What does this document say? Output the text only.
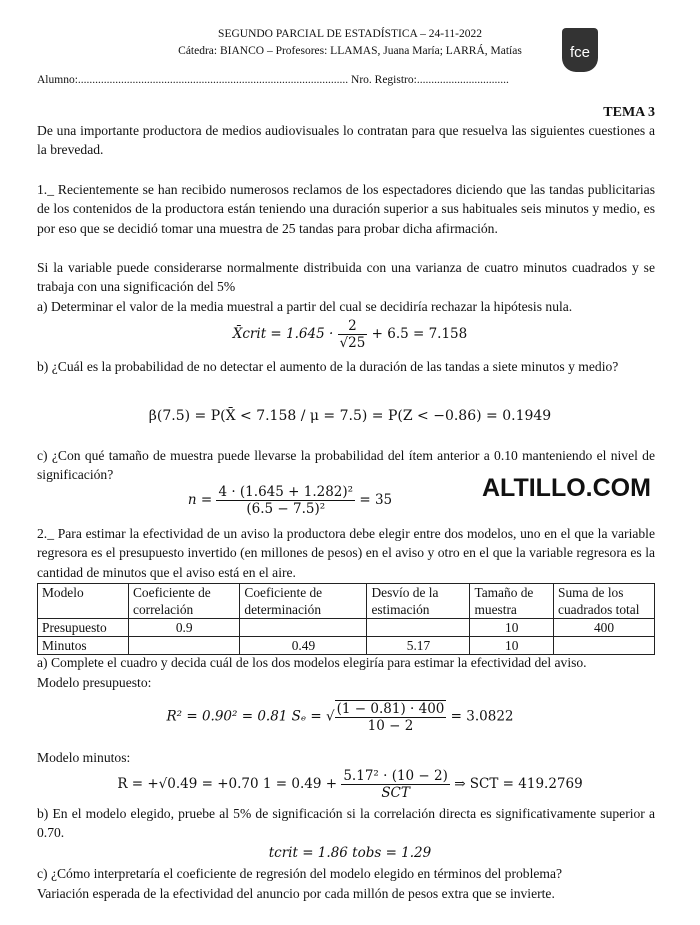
SEGUNDO PARCIAL DE ESTADÍSTICA – 24-11-2022
Cátedra: BIANCO – Profesores: LLAMAS, Juana María; LARRÁ, Matías	fce
Alumno:.............................................................................................. Nro. Registro:................................
TEMA 3
De una importante productora de medios audiovisuales lo contratan para que resuelva las siguientes cuestiones a la brevedad.
1._ Recientemente se han recibido numerosos reclamos de los espectadores diciendo que las tandas publicitarias de los contenidos de la productora están teniendo una duración superior a sus habituales seis minutos y medio, es por eso que se decidió tomar una muestra de 25 tandas para probar dicha afirmación.
Si la variable puede considerarse normalmente distribuida con una varianza de cuatro minutos cuadrados y se trabaja con una significación del 5%
a) Determinar el valor de la media muestral a partir del cual se decidiría rechazar la hipótesis nula.
X̄crit = $1.645 \cdot \frac{2}{√25} + 6.5 = 7.158$
b) ¿Cuál es la probabilidad de no detectar el aumento de la duración de las tandas a siete minutos y medio?
β(7.5) = P(X̄ < 7.158 / μ = 7.5) = P(Z < −0.86) = 0.1949
c) ¿Con qué tamaño de muestra puede llevarse la probabilidad del ítem anterior a 0.10 manteniendo el nivel de significación?
$n = \frac{\text{4 · (1.645 + 1.282)²}}{\text{(6.5 − 7.5)²}} = 35$	ALTILLO.COM
2._ Para estimar la efectividad de un aviso la productora debe elegir entre dos modelos, uno en el que la variable regresora es el presupuesto invertido (en millones de pesos) en el aviso y otro en el que la variable regresora es la cantidad de minutos que el aviso está en el aire.
Modelo	Coeficiente de correlación	Coeficiente de determinación	Desvío de la estimación	Tamaño de muestra	Suma de los cuadrados total
Presupuesto	0.9			10	400
Minutos		0.49	5.17	10	
a) Complete el cuadro y decida cuál de los dos modelos elegiría para estimar la efectividad del aviso.
Modelo presupuesto:
R² = 0.90² = 0.81 Sₑ = √ $\frac{(1 - 0.81) \cdot 400}{10 - 2} = 3.0822$
Modelo minutos:
R = +√0.49 = +0.70 $1 = 0.49 + \frac{\text{5.17² · (10 − 2)}}{\text{SCT}}$ ⇒ SCT = 419.2769
b) En el modelo elegido, pruebe al 5% de significación si la correlación directa es significativamente superior a 0.70.
tcrit = 1.86 tobs = 1.29
c) ¿Cómo interpretaría el coeficiente de regresión del modelo elegido en términos del problema?
Variación esperada de la efectividad del anuncio por cada millón de pesos extra que se invierte.
